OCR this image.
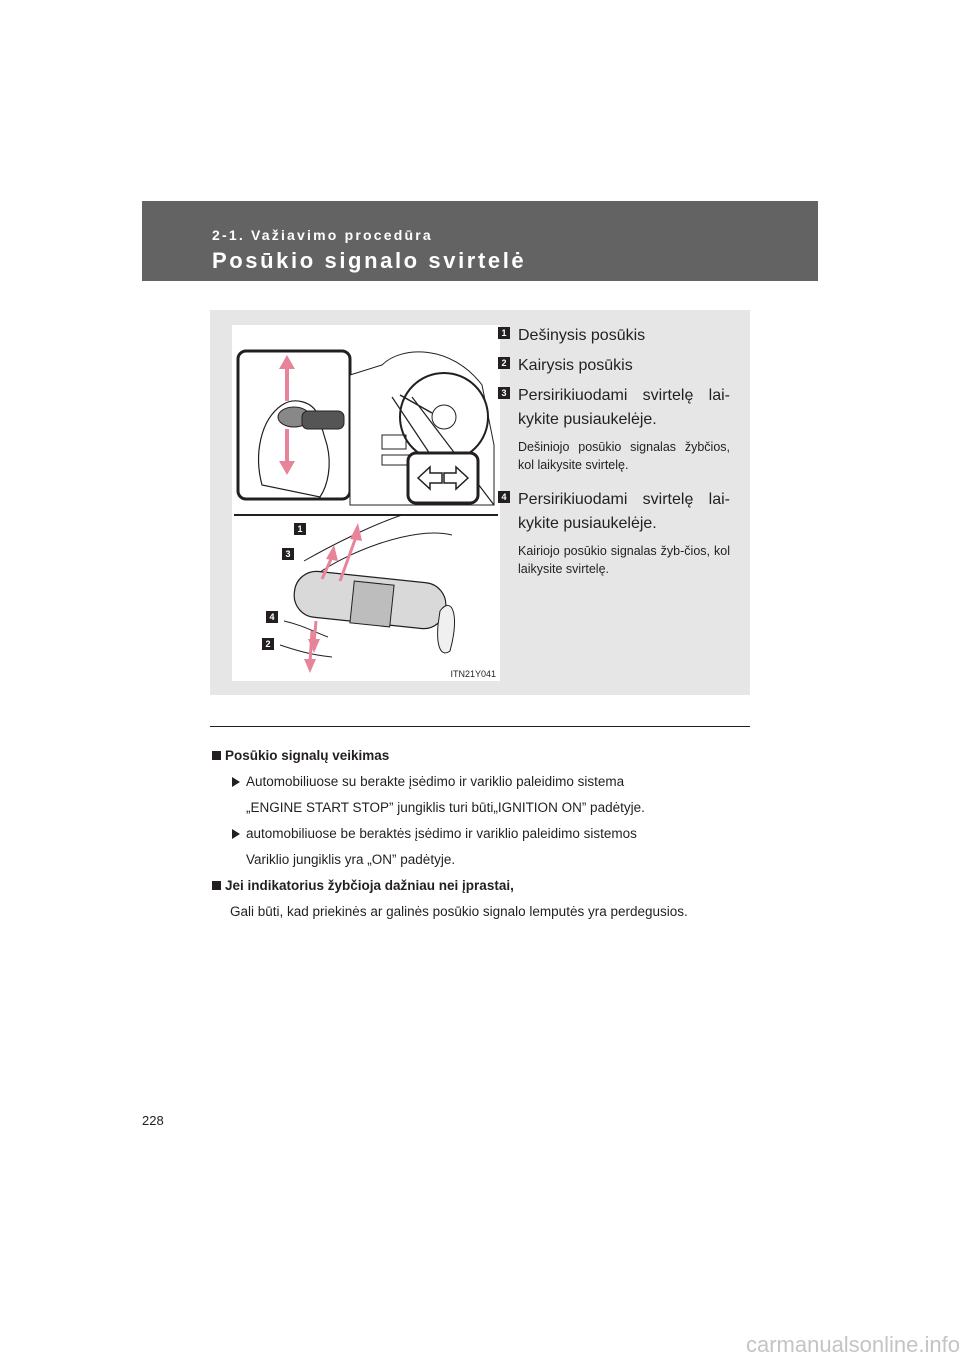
2-1. Važiavimo procedūra
Posūkio signalo svirtelė
1
3
4
2
ITN21Y041
1 Dešinysis posūkis
2 Kairysis posūkis
3 Persirikiuodami svirtelę lai-kykite pusiaukelėje.
Dešiniojo posūkio signalas žybčios, kol laikysite svirtelę.
4 Persirikiuodami svirtelę lai-kykite pusiaukelėje.
Kairiojo posūkio signalas žyb-čios, kol laikysite svirtelę.
Posūkio signalų veikimas
Automobiliuose su berakte įsėdimo ir variklio paleidimo sistema
„ENGINE START STOP” jungiklis turi būti„IGNITION ON” padėtyje.
automobiliuose be beraktės įsėdimo ir variklio paleidimo sistemos
Variklio jungiklis yra „ON” padėtyje.
Jei indikatorius žybčioja dažniau nei įprastai,
Gali būti, kad priekinės ar galinės posūkio signalo lemputės yra perdegusios.
228
carmanualsonline.info
